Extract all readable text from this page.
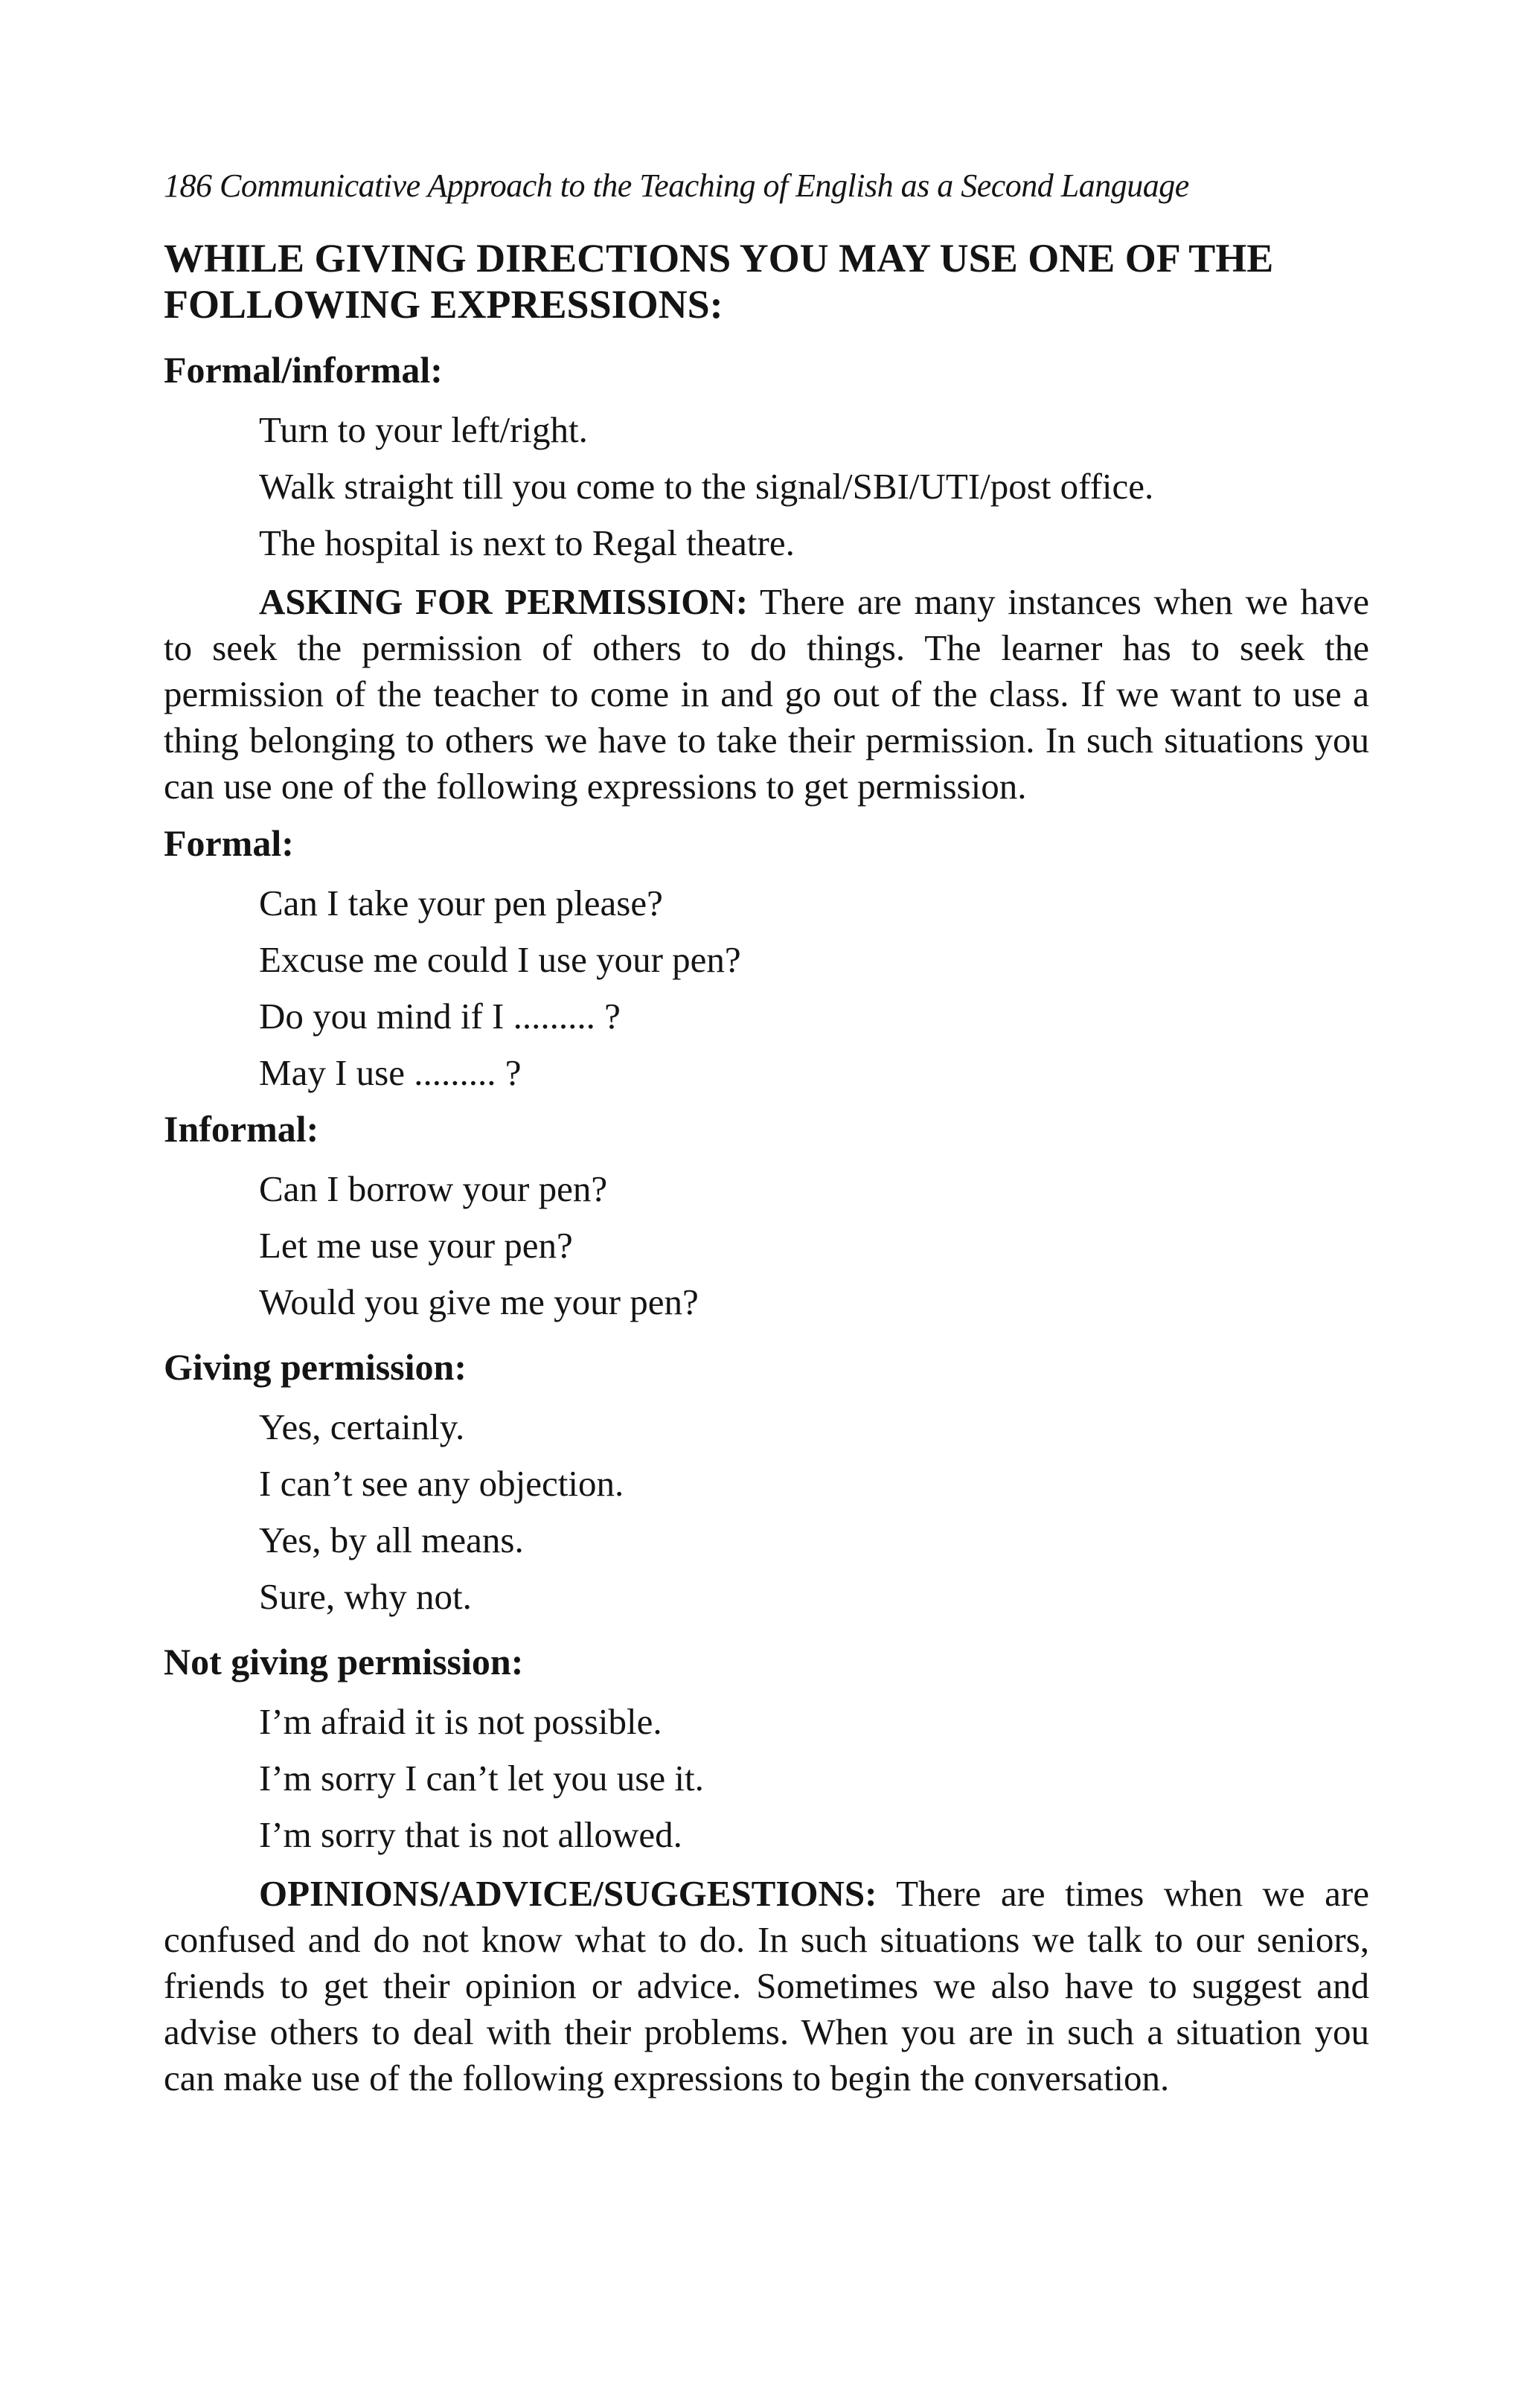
186 Communicative Approach to the Teaching of English as a Second Language
WHILE GIVING DIRECTIONS YOU MAY USE ONE OF THE FOLLOWING EXPRESSIONS:
Formal/informal:
Turn to your left/right.
Walk straight till you come to the signal/SBI/UTI/post office.
The hospital is next to Regal theatre.

ASKING FOR PERMISSION: There are many instances when we have to seek the permission of others to do things. The learner has to seek the permission of the teacher to come in and go out of the class. If we want to use a thing belonging to others we have to take their permission. In such situations you can use one of the following expressions to get permission.

Formal:
Can I take your pen please?
Excuse me could I use your pen?
Do you mind if I ......... ?
May I use ......... ?
Informal:
Can I borrow your pen?
Let me use your pen?
Would you give me your pen?
Giving permission:
Yes, certainly.
I can’t see any objection.
Yes, by all means.
Sure, why not.
Not giving permission:
I’m afraid it is not possible.
I’m sorry I can’t let you use it.
I’m sorry that is not allowed.

OPINIONS/ADVICE/SUGGESTIONS: There are times when we are confused and do not know what to do. In such situations we talk to our seniors, friends to get their opinion or advice. Sometimes we also have to suggest and advise others to deal with their problems. When you are in such a situation you can make use of the following expressions to begin the conversation.
